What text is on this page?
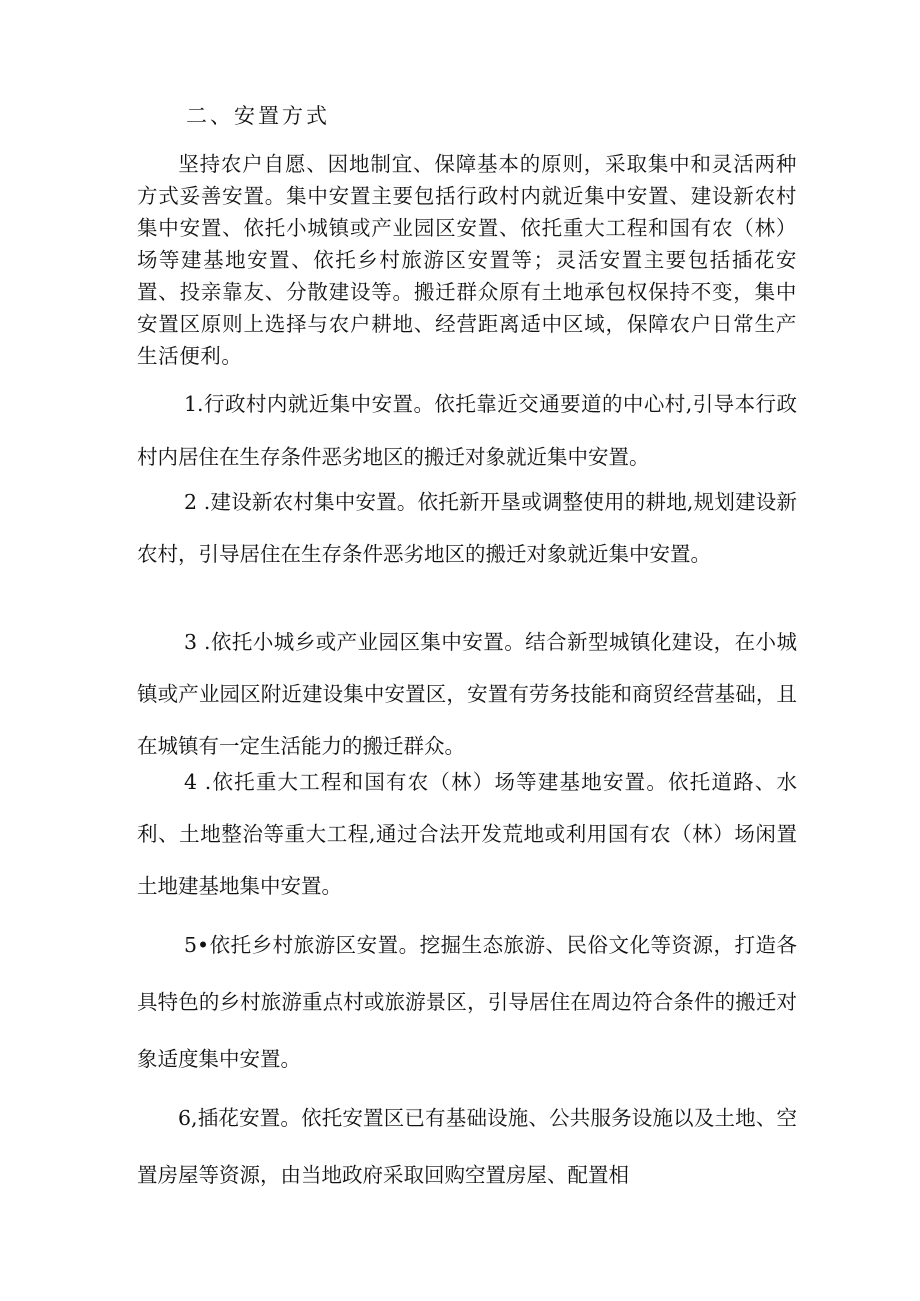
二、安置方式
坚持农户自愿、因地制宜、保障基本的原则，采取集中和灵活两种方式妥善安置。集中安置主要包括行政村内就近集中安置、建设新农村集中安置、依托小城镇或产业园区安置、依托重大工程和国有农（林）场等建基地安置、依托乡村旅游区安置等；灵活安置主要包括插花安置、投亲靠友、分散建设等。搬迁群众原有土地承包权保持不变，集中安置区原则上选择与农户耕地、经营距离适中区域，保障农户日常生产生活便利。
1.行政村内就近集中安置。依托靠近交通要道的中心村,引导本行政村内居住在生存条件恶劣地区的搬迁对象就近集中安置。
2 .建设新农村集中安置。依托新开垦或调整使用的耕地,规划建设新农村，引导居住在生存条件恶劣地区的搬迁对象就近集中安置。
3 .依托小城乡或产业园区集中安置。结合新型城镇化建设，在小城镇或产业园区附近建设集中安置区，安置有劳务技能和商贸经营基础，且在城镇有一定生活能力的搬迁群众。
4 .依托重大工程和国有农（林）场等建基地安置。依托道路、水利、土地整治等重大工程,通过合法开发荒地或利用国有农（林）场闲置土地建基地集中安置。
5•依托乡村旅游区安置。挖掘生态旅游、民俗文化等资源，打造各具特色的乡村旅游重点村或旅游景区，引导居住在周边符合条件的搬迁对象适度集中安置。
6,插花安置。依托安置区已有基础设施、公共服务设施以及土地、空置房屋等资源，由当地政府采取回购空置房屋、配置相
